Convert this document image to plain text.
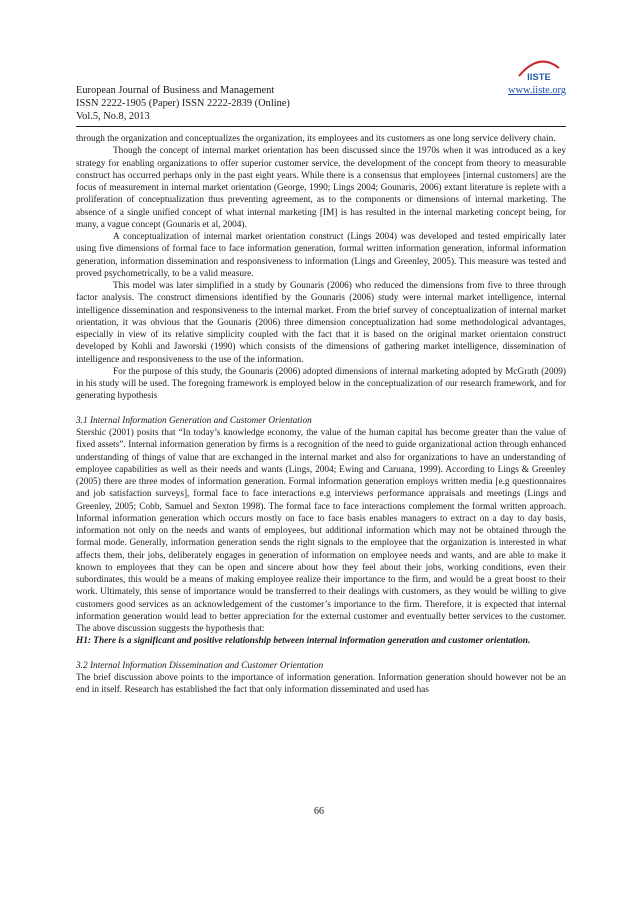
European Journal of Business and Management	www.iiste.org
ISSN 2222-1905 (Paper) ISSN 2222-2839 (Online)
Vol.5, No.8, 2013
IISTE

through the organization and conceptualizes the organization, its employees and its customers as one long service delivery chain.

Though the concept of internal market orientation has been discussed since the 1970s when it was introduced as a key strategy for enabling organizations to offer superior customer service, the development of the concept from theory to measurable construct has occurred perhaps only in the past eight years. While there is a consensus that employees [internal customers] are the focus of measurement in internal market orientation (George, 1990; Lings 2004; Gounaris, 2006) extant literature is replete with a proliferation of conceptualization thus preventing agreement, as to the components or dimensions of internal marketing. The absence of a single unified concept of what internal marketing [IM] is has resulted in the internal marketing concept being, for many, a vague concept (Gounaris et al, 2004).

A conceptualization of internal market orientation construct (Lings 2004) was developed and tested empirically later using five dimensions of formal face to face information generation, formal written information generation, informal information generation, information dissemination and responsiveness to information (Lings and Greenley, 2005). This measure was tested and proved psychometrically, to be a valid measure.

This model was later simplified in a study by Gounaris (2006) who reduced the dimensions from five to three through factor analysis. The construct dimensions identified by the Gounaris (2006) study were internal market intelligence, internal intelligence dissemination and responsiveness to the internal market. From the brief survey of conceptualization of internal market orientation, it was obvious that the Gounaris (2006) three dimension conceptualization had some methodological advantages, especially in view of its relative simplicity coupled with the fact that it is based on the original market orientaion construct developed by Kohli and Jaworski (1990) which consists of the dimensions of gathering market intelligence, dissemination of intelligence and responsiveness to the use of the information.

For the purpose of this study, the Gounaris (2006) adopted dimensions of internal marketing adopted by McGrath (2009) in his study will be used. The foregoing framework is employed below in the conceptualization of our research framework, and for generating hypothesis

3.1 Internal Information Generation and Customer Orientation

Stershic (2001) posits that “In today’s knowledge economy, the value of the human capital has become greater than the value of fixed assets”. Internal information generation by firms is a recognition of the need to guide organizational action through enhanced understanding of things of value that are exchanged in the internal market and also for organizations to have an understanding of employee capabilities as well as their needs and wants (Lings, 2004; Ewing and Caruana, 1999). According to Lings & Greenley (2005) there are three modes of information generation. Formal information generation employs written media [e.g questionnaires and job satisfaction surveys], formal face to face interactions e.g interviews performance appraisals and meetings (Lings and Greenley, 2005; Cobb, Samuel and Sexton 1998). The formal face to face interactions complement the formal written approach. Informal information generation which occurs mostly on face to face basis enables managers to extract on a day to day basis, information not only on the needs and wants of employees, but additional information which may not be obtained through the formal mode. Generally, information generation sends the right signals to the employee that the organization is interested in what affects them, their jobs, deliberately engages in generation of information on employee needs and wants, and are able to make it known to employees that they can be open and sincere about how they feel about their jobs, working conditions, even their subordinates, this would be a means of making employee realize their importance to the firm, and would be a great boost to their work. Ultimately, this sense of importance would be transferred to their dealings with customers, as they would be willing to give customers good services as an acknowledgement of the customer’s importance to the firm. Therefore, it is expected that internal information generation would lead to better appreciation for the external customer and eventually better services to the customer. The above discussion suggests the hypothesis that:

H1: There is a significant and positive relationship between internal information generation and customer orientation.

3.2 Internal Information Dissemination and Customer Orientation

The brief discussion above points to the importance of information generation. Information generation should however not be an end in itself. Research has established the fact that only information disseminated and used has

66
